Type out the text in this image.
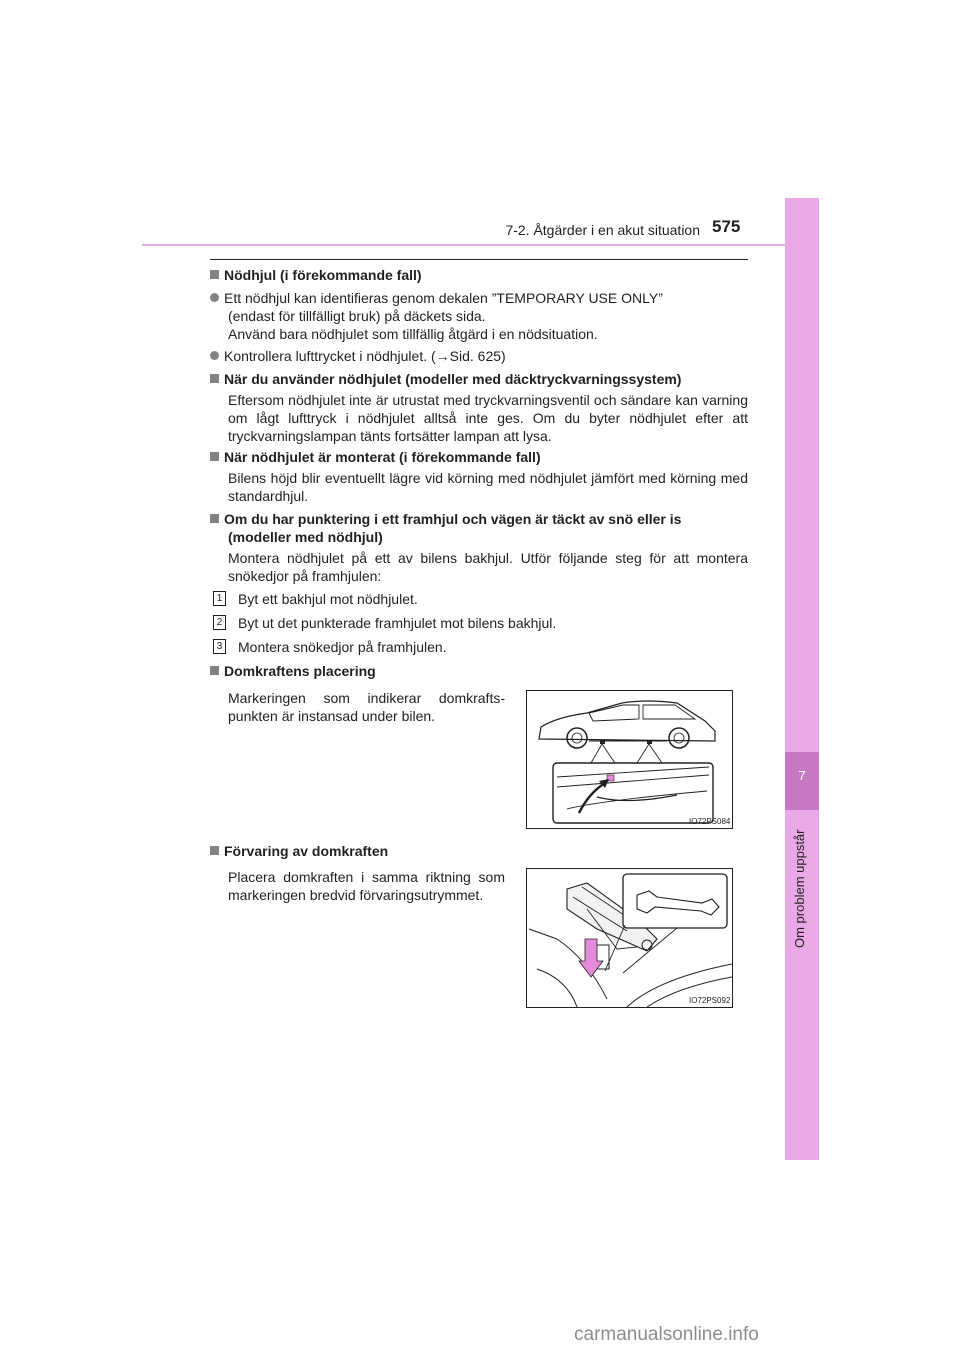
7
Om problem uppstår
7-2. Åtgärder i en akut situation 575
Nödhjul (i förekommande fall)
Ett nödhjul kan identifieras genom dekalen ”TEMPORARY USE ONLY”
(endast för tillfälligt bruk) på däckets sida.
Använd bara nödhjulet som tillfällig åtgärd i en nödsituation.
Kontrollera lufttrycket i nödhjulet. (→Sid. 625)
När du använder nödhjulet (modeller med däcktryckvarningssystem)
Eftersom nödhjulet inte är utrustat med tryckvarningsventil och sändare kan varning om lågt lufttryck i nödhjulet alltså inte ges. Om du byter nödhjulet efter att tryckvarningslampan tänts fortsätter lampan att lysa.
När nödhjulet är monterat (i förekommande fall)
Bilens höjd blir eventuellt lägre vid körning med nödhjulet jämfört med körning med standardhjul.
Om du har punktering i ett framhjul och vägen är täckt av snö eller is
(modeller med nödhjul)
Montera nödhjulet på ett av bilens bakhjul. Utför följande steg för att montera snökedjor på framhjulen:
1 Byt ett bakhjul mot nödhjulet.
2 Byt ut det punkterade framhjulet mot bilens bakhjul.
3 Montera snökedjor på framhjulen.
Domkraftens placering
Markeringen som indikerar domkrafts-punkten är instansad under bilen.
IO72PS084
Förvaring av domkraften
Placera domkraften i samma riktning som markeringen bredvid förvaringsutrymmet.
IO72PS092
carmanualsonline.info
